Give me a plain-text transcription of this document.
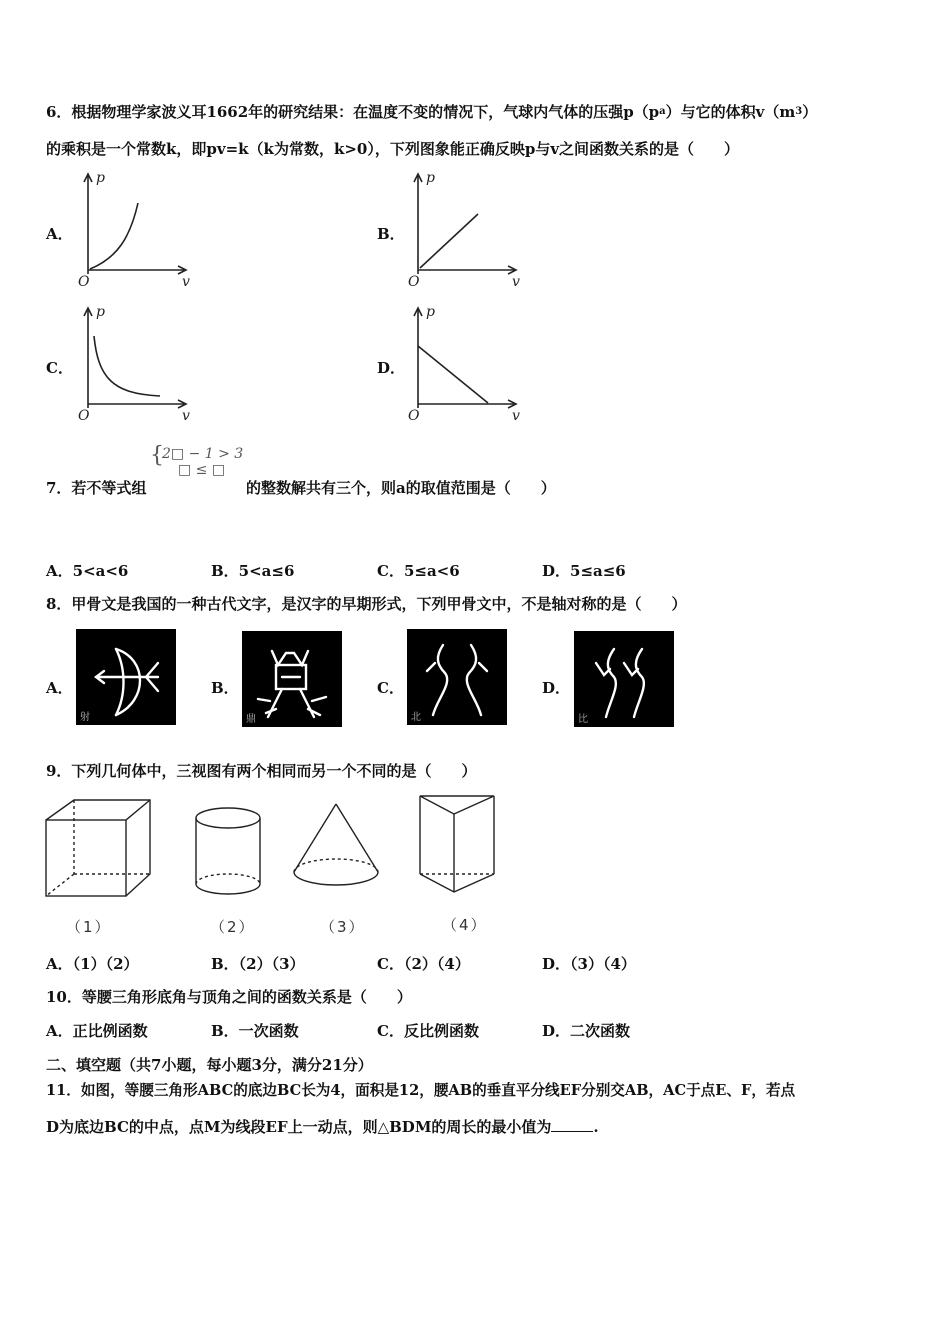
6．根据物理学家波义耳1662年的研究结果：在温度不变的情况下，气球内气体的压强p（pa）与它的体积$v(m^3)$
的乘积是一个常数k，即pv=k（k为常数，k>0），下列图象能正确反映p与v之间函数关系的是（　　）
A．
p
O	v
B．
p
O	v
C．
p
O	v
D．
p
O	v
{
2□ − 1 > 3
□ ≤ □
7．若不等式组	的整数解共有三个，则a的取值范围是（　　）
A．5<a<6	B．5<a≤6	C．5≤a<6	D．5≤a≤6
8．甲骨文是我国的一种古代文字，是汉字的早期形式，下列甲骨文中，不是轴对称的是（　　）
A．
射
B．
鼎
C．
北
D．
比
9．下列几何体中，三视图有两个相同而另一个不同的是（　　）
（1）	（2）	（3）	（4）
A．（1）（2）	B．（2）（3）	C．（2）（4）	D．（3）（4）
10．等腰三角形底角与顶角之间的函数关系是（　　）
A．正比例函数	B．一次函数	C．反比例函数	D．二次函数
二、填空题（共7小题，每小题3分，满分21分）
11．如图，等腰三角形ABC的底边BC长为4，面积是12，腰AB的垂直平分线EF分别交AB，AC于点E、F，若点
D为底边BC的中点，点M为线段EF上一动点，则△BDM的周长的最小值为	.
